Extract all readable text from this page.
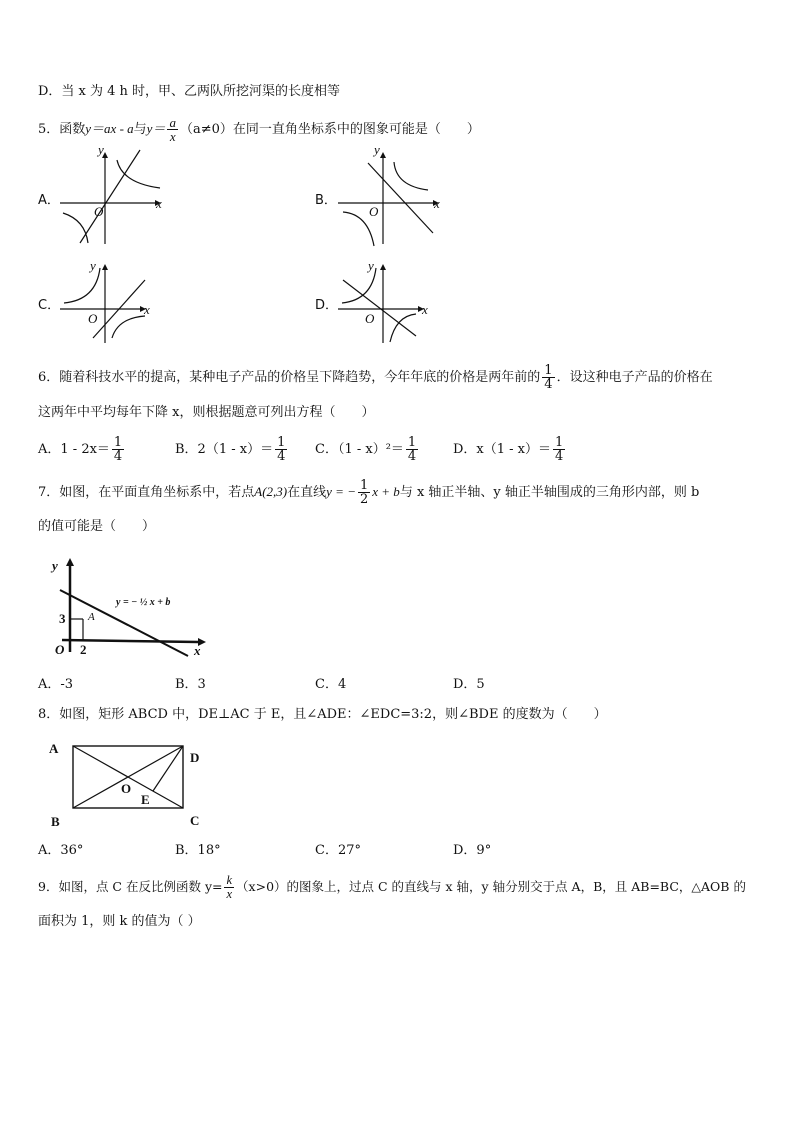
D．当 x 为 4 h 时，甲、乙两队所挖河渠的长度相等
5．函数y＝ax - a与$y= \frac{a}{x} (a\ne 0)$在同一直角坐标系中的图象可能是（　　）
A．	B．
C．	D．
y
x
O
y
x
O
y
x
O
y
x
O
6．随着科技水平的提高，某种电子产品的价格呈下降趋势，今年年底的价格是两年前的 $\frac{1}{4}$ ．设这种电子产品的价格在
这两年中平均每年下降 x，则根据题意可列出方程（　　）
A．$1 - 2x= \frac{1}{4}$	B．$2(1 - x)= \frac{1}{4}$ C．$(1 - x)^2= \frac{1}{4}$	D．$x(1 - x)= \frac{1}{4}$
7．如图，在平面直角坐标系中，若点A(2,3)在直线y = − $\frac{1}{2}$ x + b与 x 轴正半轴、y 轴正半轴围成的三角形内部，则 b
的值可能是（　　）
y
x
O
3
2
A
y = − ½ x + b
A．-3	B．3	C．4	D．5
8．如图，矩形 ABCD 中，DE⊥AC 于 E，且∠ADE：∠EDC=3:2，则∠BDE 的度数为（　　）
A
D
B	C
O
E
A．36°	B．18°	C．27°	D．9°
9．如图，点 C 在反比例函数 $y= \frac{k}{x} (x>0)$的图象上，过点 C 的直线与 x 轴，y 轴分别交于点 A，B，且 AB=BC，△AOB 的
面积为 1，则 k 的值为（ ）
